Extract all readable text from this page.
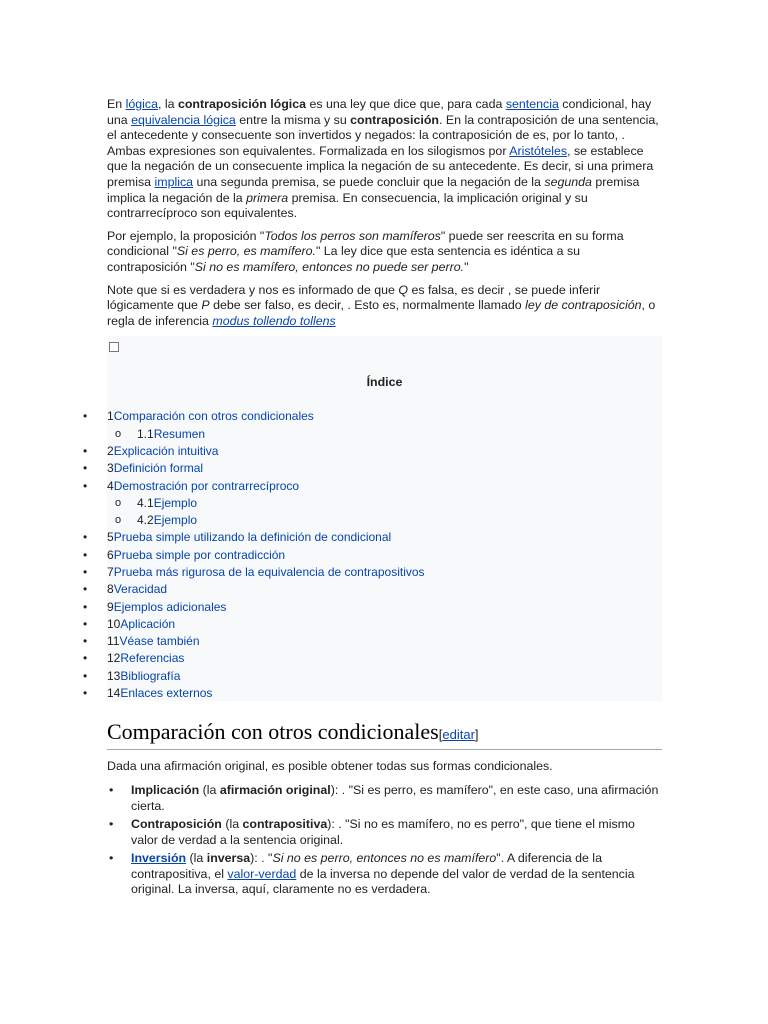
En lógica, la contraposición lógica es una ley que dice que, para cada sentencia condicional, hay una equivalencia lógica entre la misma y su contraposición. En la contraposición de una sentencia, el antecedente y consecuente son invertidos y negados: la contraposición de es, por lo tanto, . Ambas expresiones son equivalentes. Formalizada en los silogismos por Aristóteles, se establece que la negación de un consecuente implica la negación de su antecedente. Es decir, si una primera premisa implica una segunda premisa, se puede concluir que la negación de la segunda premisa implica la negación de la primera premisa. En consecuencia, la implicación original y su contrarrecíproco son equivalentes.

Por ejemplo, la proposición "Todos los perros son mamíferos" puede ser reescrita en su forma condicional "Si es perro, es mamífero." La ley dice que esta sentencia es idéntica a su contraposición "Si no es mamífero, entonces no puede ser perro."

Note que si es verdadera y nos es informado de que Q es falsa, es decir , se puede inferir lógicamente que P debe ser falso, es decir, . Esto es, normalmente llamado ley de contraposición, o regla de inferencia modus tollendo tollens

Índice
• 1Comparación con otros condicionales
o 1.1Resumen
• 2Explicación intuitiva
• 3Definición formal
• 4Demostración por contrarrecíproco
o 4.1Ejemplo
o 4.2Ejemplo
• 5Prueba simple utilizando la definición de condicional
• 6Prueba simple por contradicción
• 7Prueba más rigurosa de la equivalencia de contrapositivos
• 8Veracidad
• 9Ejemplos adicionales
• 10Aplicación
• 11Véase también
• 12Referencias
• 13Bibliografía
• 14Enlaces externos
Comparación con otros condicionales[editar]

Dada una afirmación original, es posible obtener todas sus formas condicionales.

• Implicación (la afirmación original): . "Si es perro, es mamífero", en este caso, una afirmación cierta.
• Contraposición (la contrapositiva): . "Si no es mamífero, no es perro", que tiene el mismo valor de verdad a la sentencia original.
• Inversión (la inversa): . "Si no es perro, entonces no es mamífero". A diferencia de la contrapositiva, el valor-verdad de la inversa no depende del valor de verdad de la sentencia original. La inversa, aquí, claramente no es verdadera.
